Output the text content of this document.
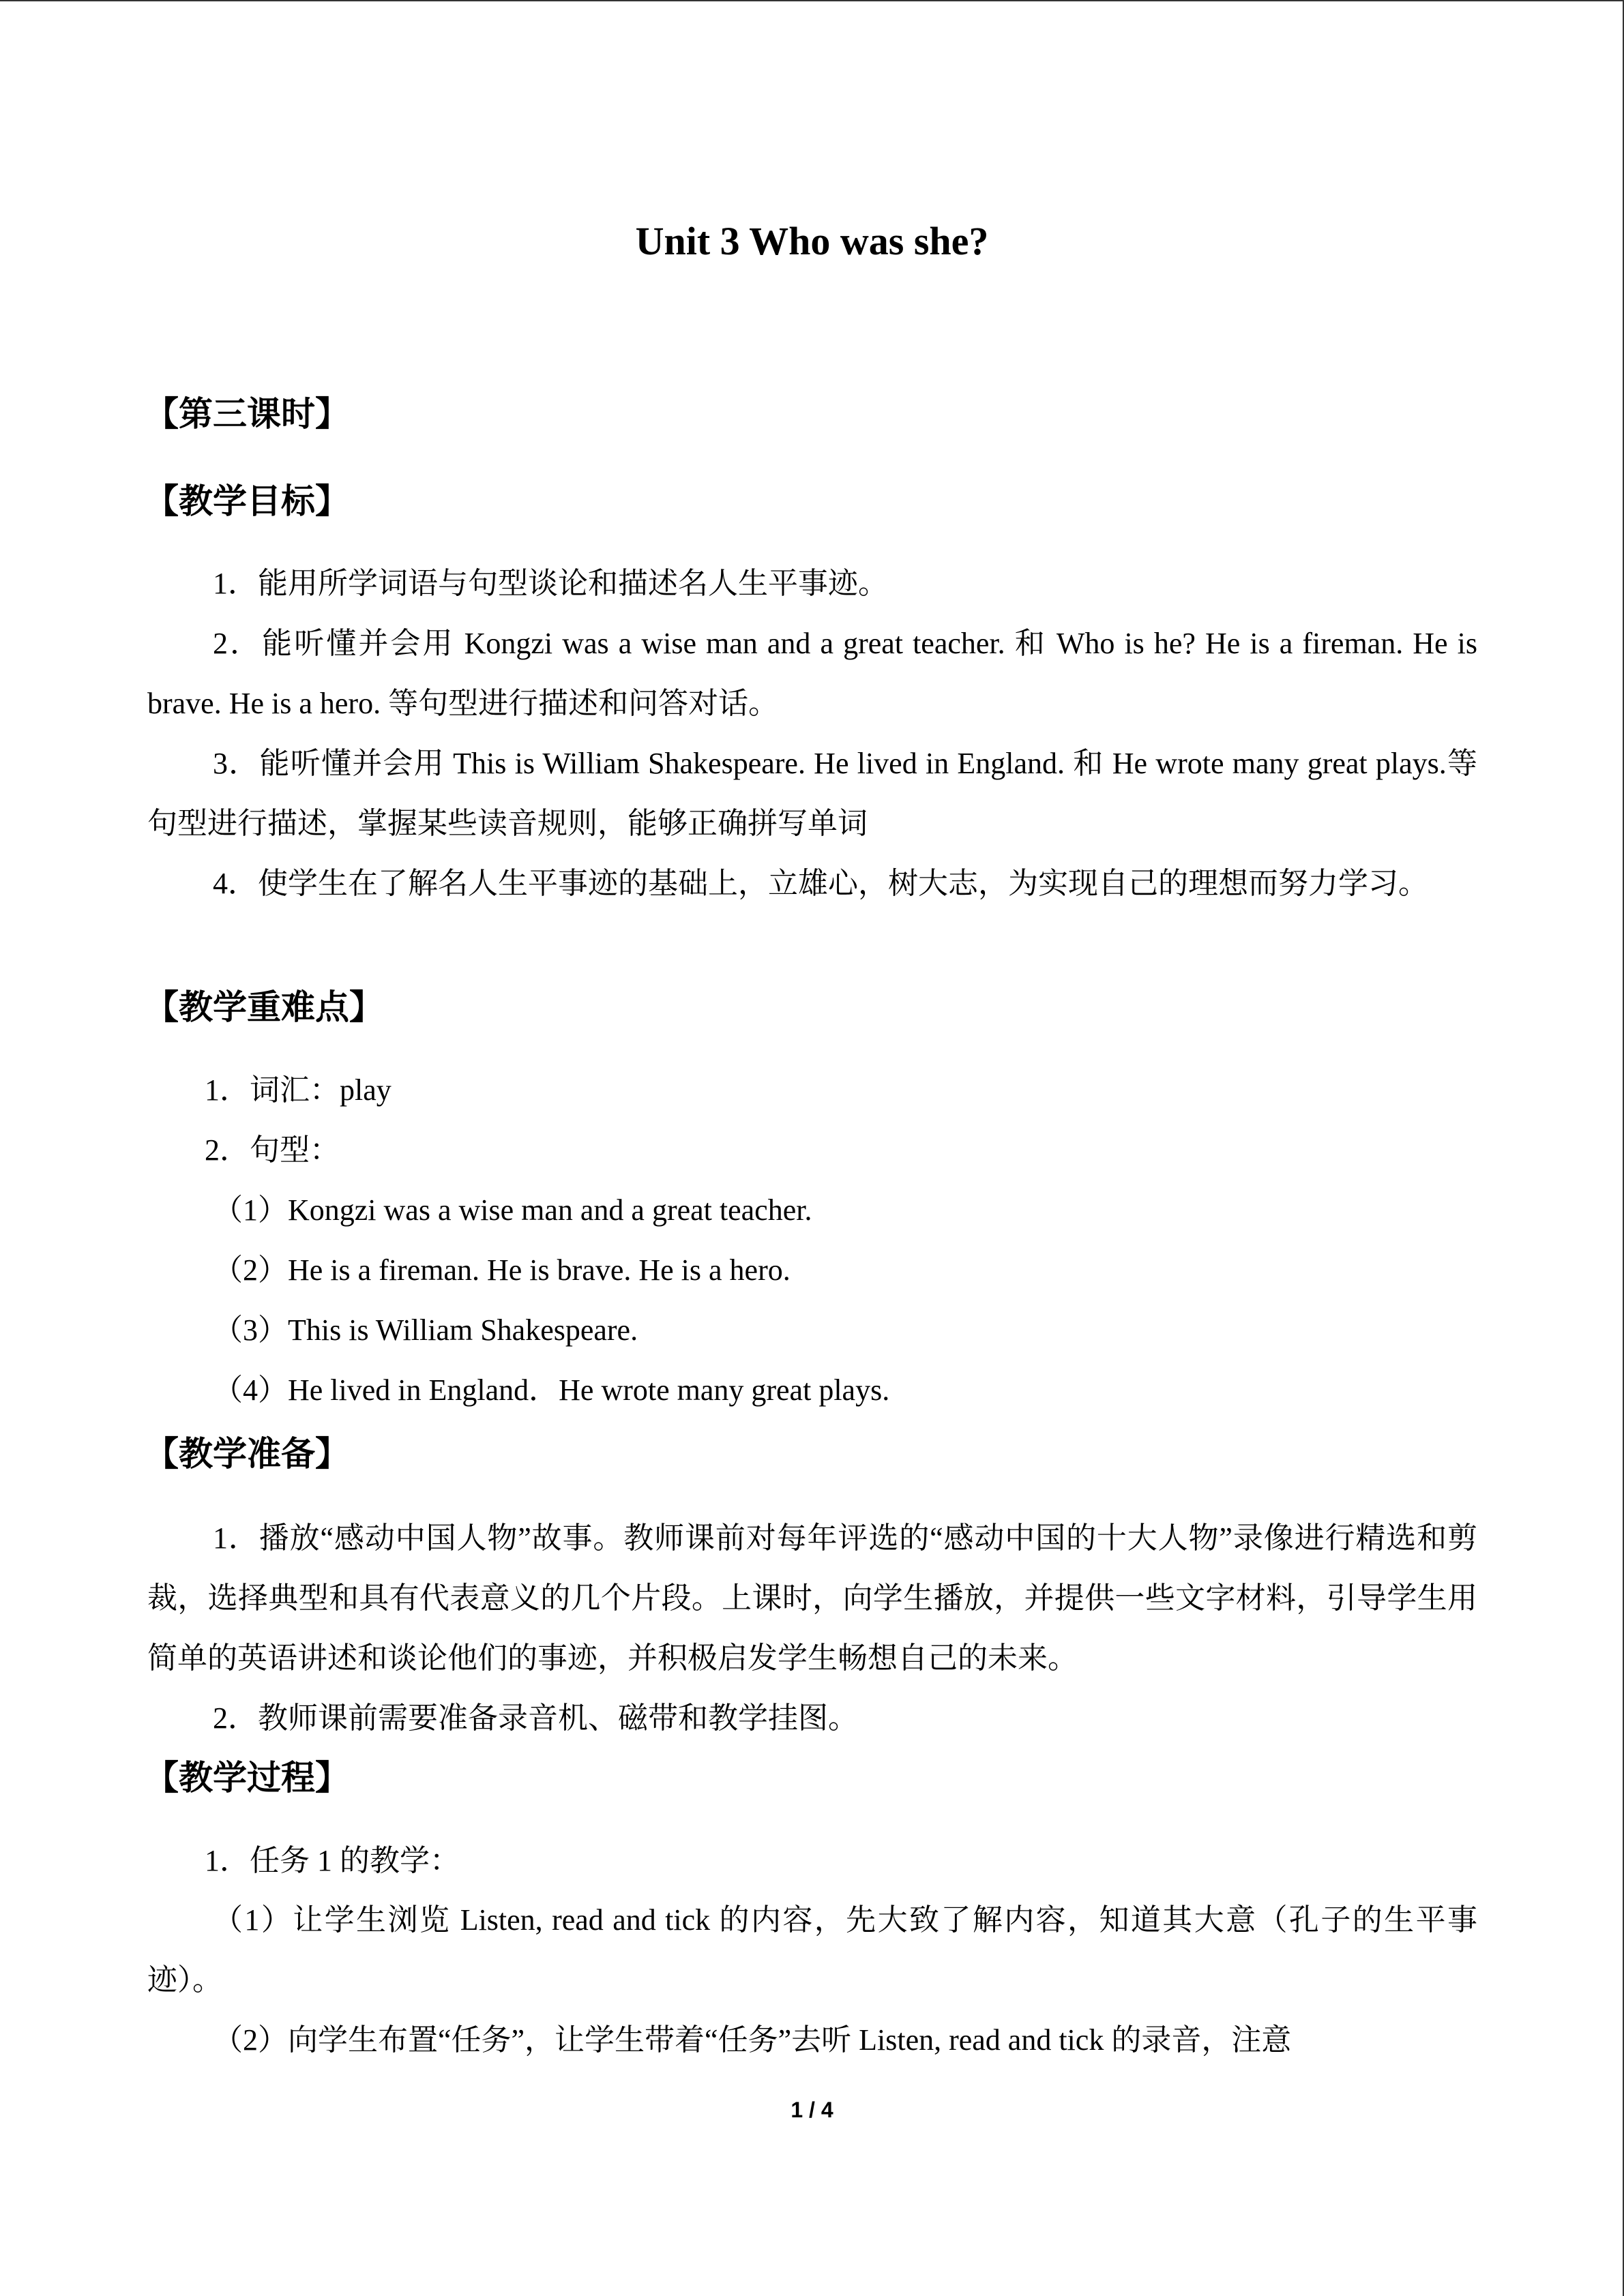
Unit 3 Who was she?
【第三课时】
【教学目标】

1．能用所学词语与句型谈论和描述名人生平事迹。

2．能听懂并会用 Kongzi was a wise man and a great teacher. 和 Who is he? He is a fireman. He is brave. He is a hero. 等句型进行描述和问答对话。

3．能听懂并会用 This is William Shakespeare. He lived in England. 和 He wrote many great plays.等句型进行描述，掌握某些读音规则，能够正确拼写单词

4．使学生在了解名人生平事迹的基础上，立雄心，树大志，为实现自己的理想而努力学习。

【教学重难点】

1．词汇：play

2．句型：

（1）Kongzi was a wise man and a great teacher.

（2）He is a fireman. He is brave. He is a hero.

（3）This is William Shakespeare.

（4）He lived in England．He wrote many great plays.

【教学准备】

1．播放“感动中国人物”故事。教师课前对每年评选的“感动中国的十大人物”录像进行精选和剪裁，选择典型和具有代表意义的几个片段。上课时，向学生播放，并提供一些文字材料，引导学生用简单的英语讲述和谈论他们的事迹，并积极启发学生畅想自己的未来。

2．教师课前需要准备录音机、磁带和教学挂图。

【教学过程】

1．任务 1 的教学：

（1）让学生浏览 Listen, read and tick 的内容，先大致了解内容，知道其大意（孔子的生平事迹）。

（2）向学生布置“任务”，让学生带着“任务”去听 Listen, read and tick 的录音，注意

1 / 4
